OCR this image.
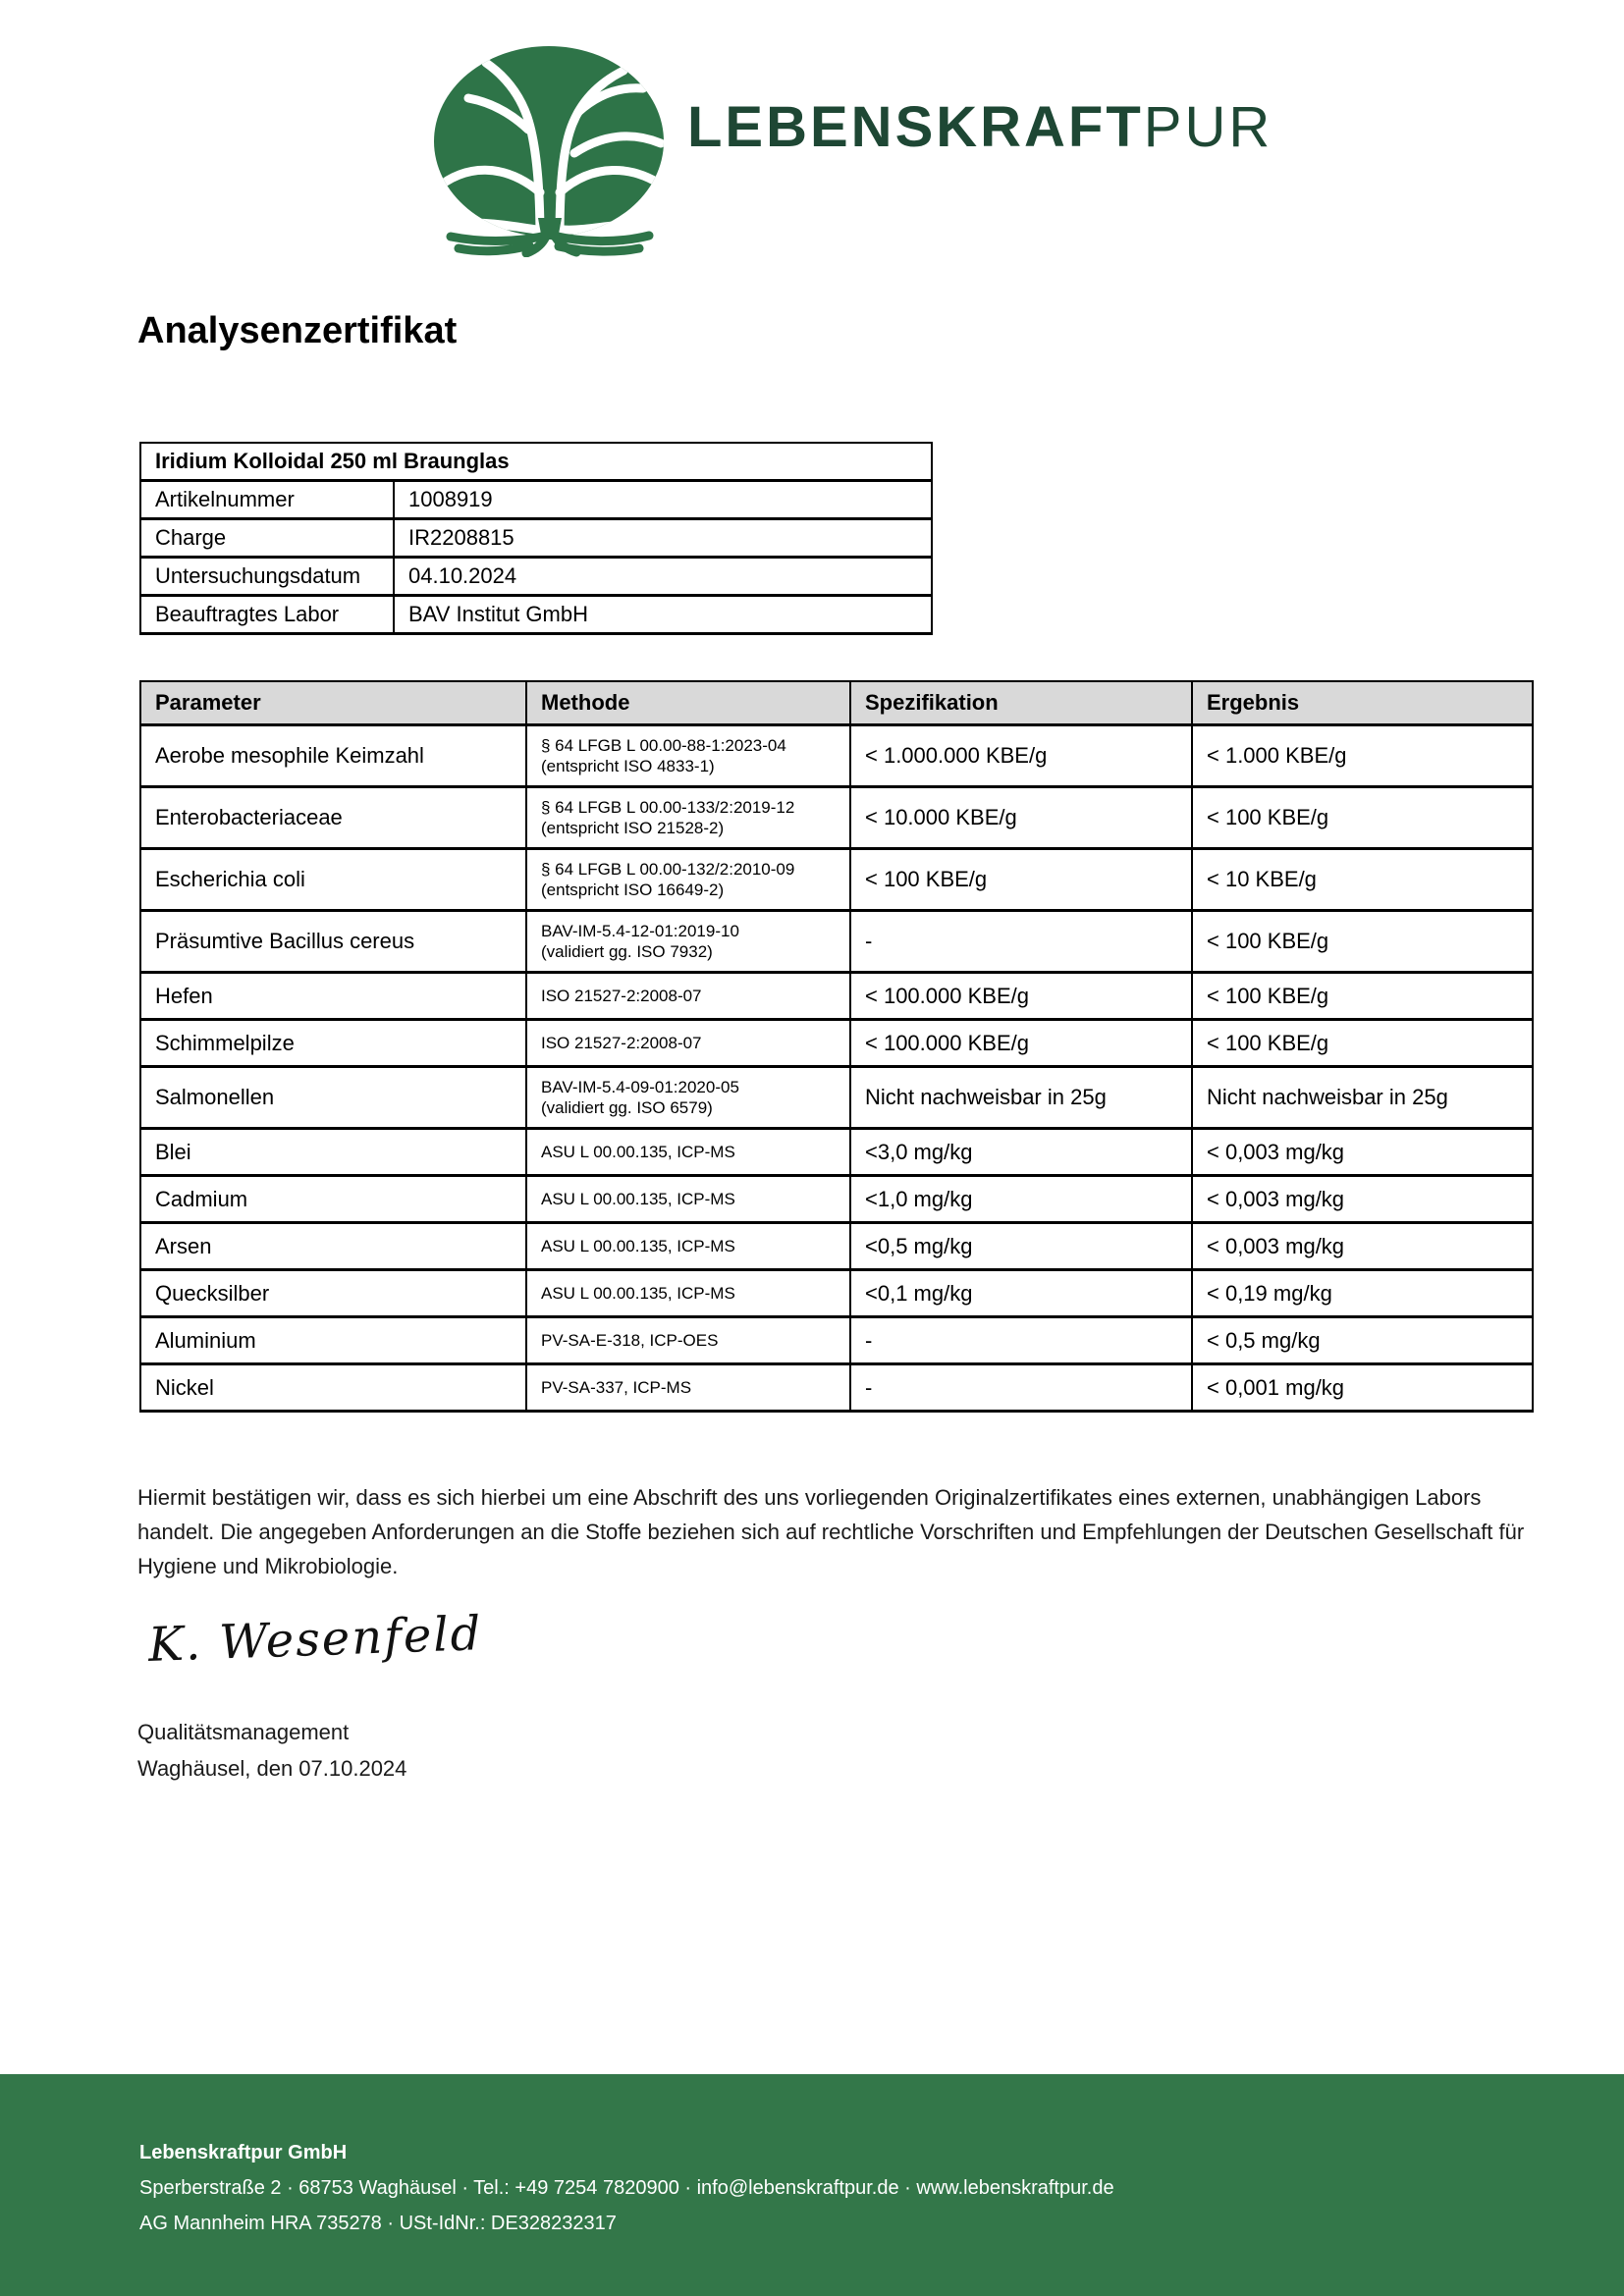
LEBENSKRAFTPUR
Analysenzertifikat
Iridium Kolloidal 250 ml Braunglas	
Artikelnummer	1008919
Charge	IR2208815
Untersuchungsdatum	04.10.2024
Beauftragtes Labor	BAV Institut GmbH
Parameter	Methode	Spezifikation	Ergebnis
Aerobe mesophile Keimzahl	§ 64 LFGB L 00.00-88-1:2023-04 (entspricht ISO 4833-1)	< 1.000.000 KBE/g	< 1.000 KBE/g
Enterobacteriaceae	§ 64 LFGB L 00.00-133/2:2019-12 (entspricht ISO 21528-2)	< 10.000 KBE/g	< 100 KBE/g
Escherichia coli	§ 64 LFGB L 00.00-132/2:2010-09 (entspricht ISO 16649-2)	< 100 KBE/g	< 10 KBE/g
Präsumtive Bacillus cereus	BAV-IM-5.4-12-01:2019-10 (validiert gg. ISO 7932)	-	< 100 KBE/g
Hefen	ISO 21527-2:2008-07	< 100.000 KBE/g	< 100 KBE/g
Schimmelpilze	ISO 21527-2:2008-07	< 100.000 KBE/g	< 100 KBE/g
Salmonellen	BAV-IM-5.4-09-01:2020-05 (validiert gg. ISO 6579)	Nicht nachweisbar in 25g	Nicht nachweisbar in 25g
Blei	ASU L 00.00.135, ICP-MS	<3,0 mg/kg	< 0,003 mg/kg
Cadmium	ASU L 00.00.135, ICP-MS	<1,0 mg/kg	< 0,003 mg/kg
Arsen	ASU L 00.00.135, ICP-MS	<0,5 mg/kg	< 0,003 mg/kg
Quecksilber	ASU L 00.00.135, ICP-MS	<0,1 mg/kg	< 0,19 mg/kg
Aluminium	PV-SA-E-318, ICP-OES	-	< 0,5 mg/kg
Nickel	PV-SA-337, ICP-MS	-	< 0,001 mg/kg
Hiermit bestätigen wir, dass es sich hierbei um eine Abschrift des uns vorliegenden Originalzertifikates eines externen, unabhängigen Labors handelt. Die angegeben Anforderungen an die Stoffe beziehen sich auf rechtliche Vorschriften und Empfehlungen der Deutschen Gesellschaft für Hygiene und Mikrobiologie.
K. Wesenfeld
Qualitätsmanagement
Waghäusel, den 07.10.2024
Lebenskraftpur GmbH
Sperberstraße 2 · 68753 Waghäusel · Tel.: +49 7254 7820900 · info@lebenskraftpur.de · www.lebenskraftpur.de
AG Mannheim HRA 735278 · USt-IdNr.: DE328232317
